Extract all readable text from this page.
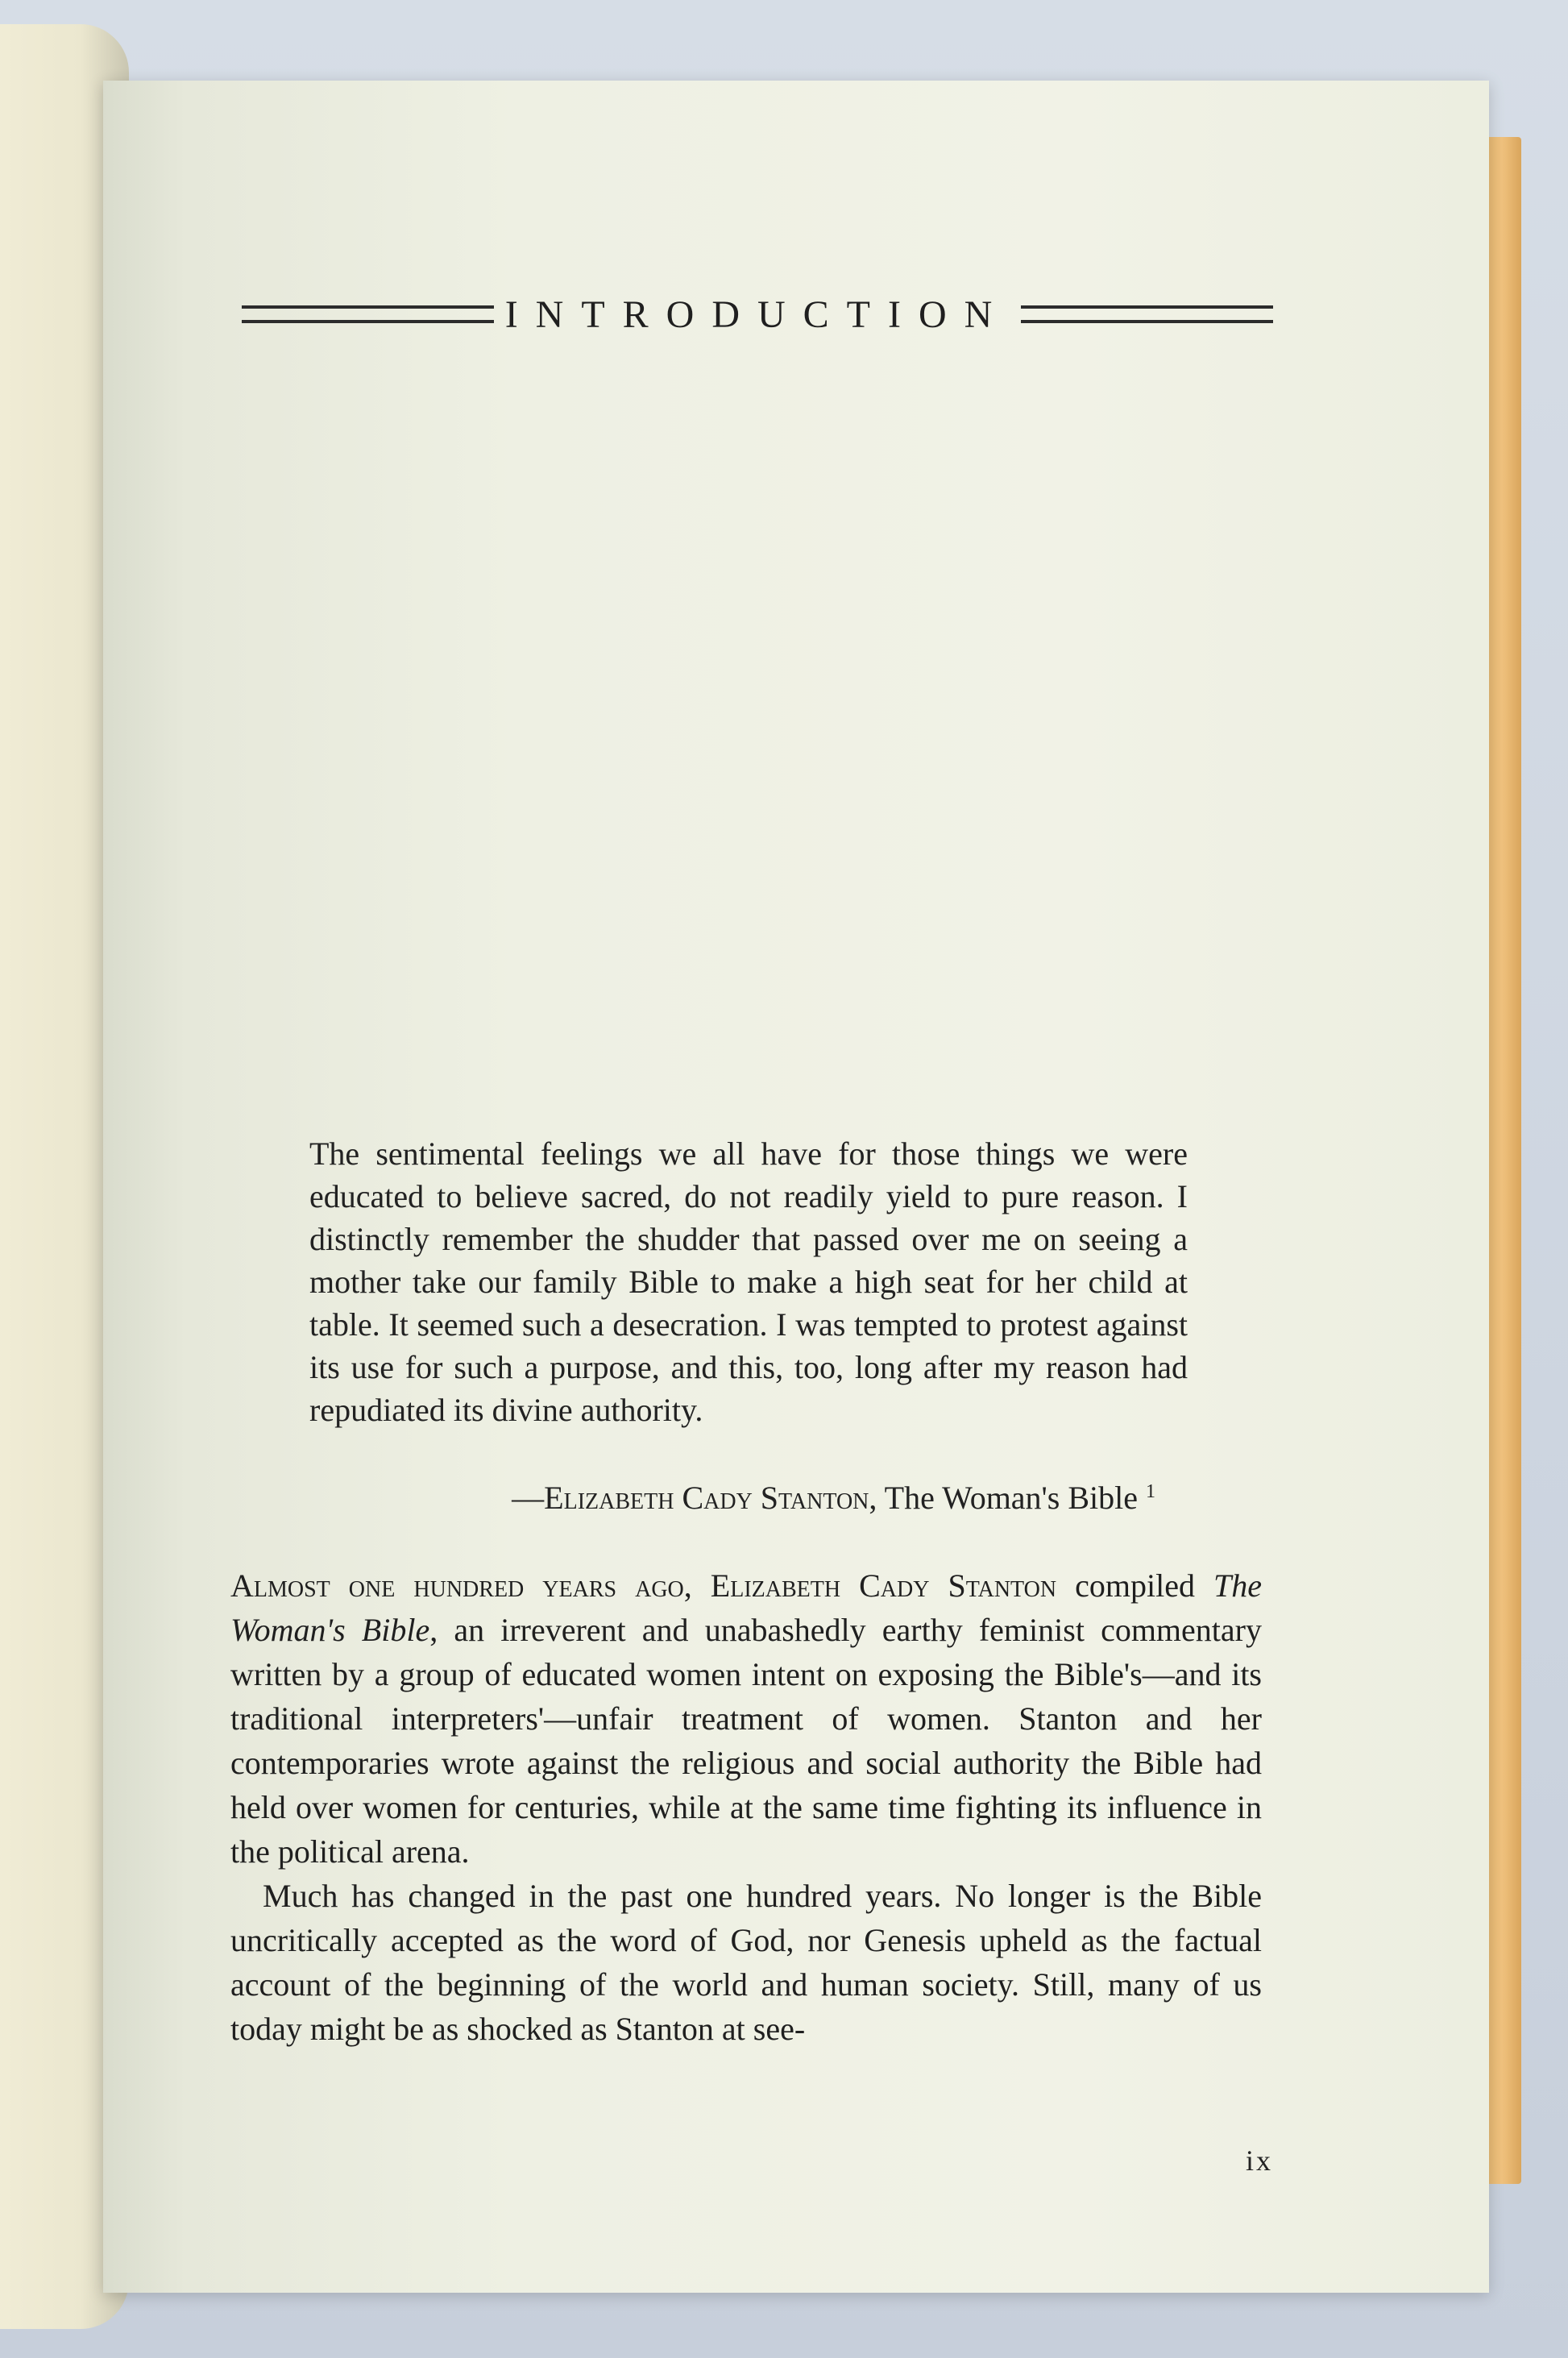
INTRODUCTION

The sentimental feelings we all have for those things we were educated to believe sacred, do not readily yield to pure reason. I distinctly remember the shudder that passed over me on seeing a mother take our family Bible to make a high seat for her child at table. It seemed such a desecration. I was tempted to protest against its use for such a purpose, and this, too, long after my reason had repudiated its divine authority.

—Elizabeth Cady Stanton, The Woman's Bible $^1$

Almost one hundred years ago, Elizabeth Cady Stanton compiled The Woman's Bible, an irreverent and unabashedly earthy feminist commentary written by a group of educated women intent on exposing the Bible's—and its traditional interpreters'—unfair treatment of women. Stanton and her contemporaries wrote against the religious and social authority the Bible had held over women for centuries, while at the same time fighting its influence in the political arena.

Much has changed in the past one hundred years. No longer is the Bible uncritically accepted as the word of God, nor Genesis upheld as the factual account of the beginning of the world and human society. Still, many of us today might be as shocked as Stanton at see-

ix
